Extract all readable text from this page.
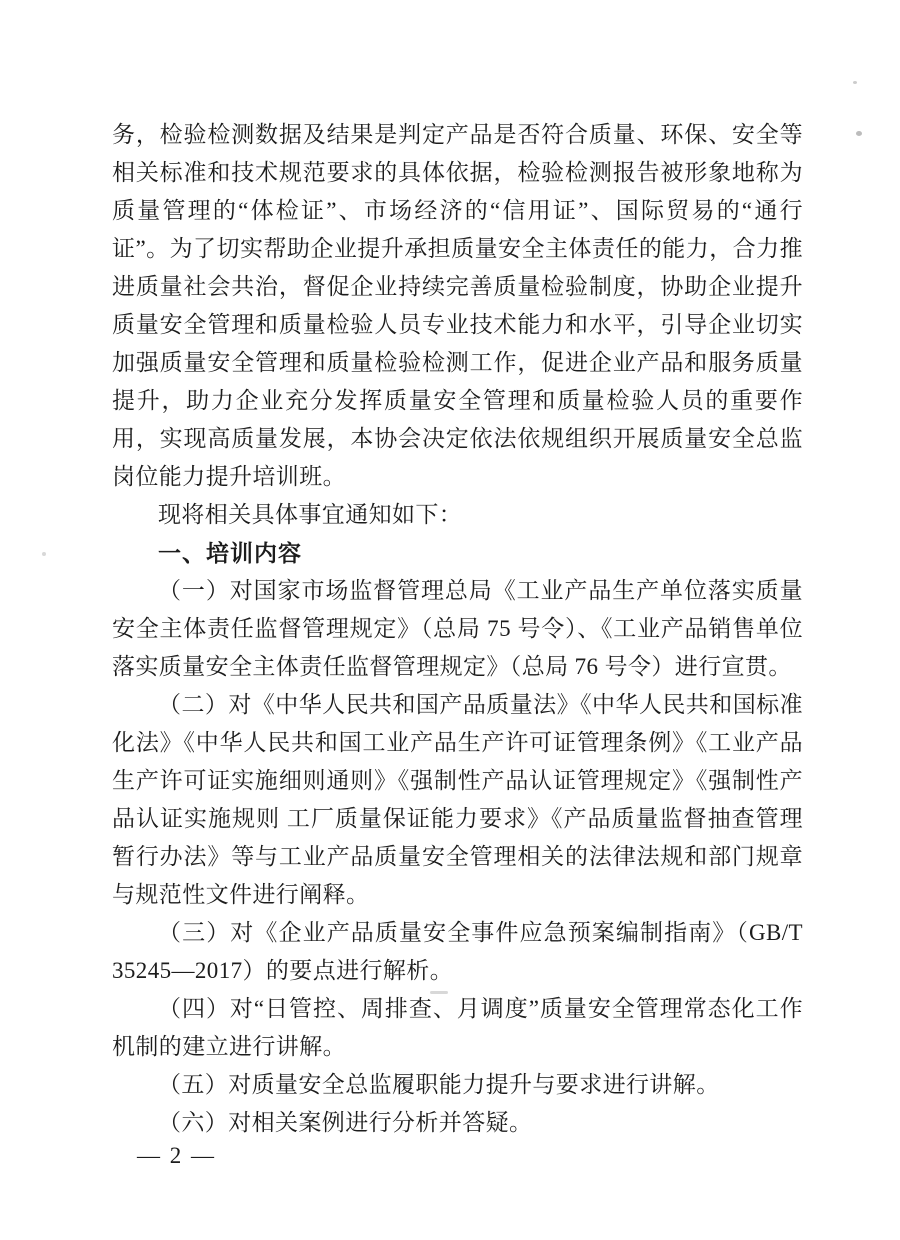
务，检验检测数据及结果是判定产品是否符合质量、环保、安全等相关标准和技术规范要求的具体依据，检验检测报告被形象地称为质量管理的“体检证”、市场经济的“信用证”、国际贸易的“通行证”。为了切实帮助企业提升承担质量安全主体责任的能力，合力推进质量社会共治，督促企业持续完善质量检验制度，协助企业提升质量安全管理和质量检验人员专业技术能力和水平，引导企业切实加强质量安全管理和质量检验检测工作，促进企业产品和服务质量提升，助力企业充分发挥质量安全管理和质量检验人员的重要作用，实现高质量发展，本协会决定依法依规组织开展质量安全总监岗位能力提升培训班。

现将相关具体事宜通知如下：

一、培训内容

（一）对国家市场监督管理总局《工业产品生产单位落实质量安全主体责任监督管理规定》（总局 75 号令）、《工业产品销售单位落实质量安全主体责任监督管理规定》（总局 76 号令）进行宣贯。

（二）对《中华人民共和国产品质量法》《中华人民共和国标准化法》《中华人民共和国工业产品生产许可证管理条例》《工业产品生产许可证实施细则通则》《强制性产品认证管理规定》《强制性产品认证实施规则 工厂质量保证能力要求》《产品质量监督抽查管理暂行办法》等与工业产品质量安全管理相关的法律法规和部门规章与规范性文件进行阐释。

（三）对《企业产品质量安全事件应急预案编制指南》（GB/T 35245—2017）的要点进行解析。

（四）对“日管控、周排查、月调度”质量安全管理常态化工作机制的建立进行讲解。

（五）对质量安全总监履职能力提升与要求进行讲解。

（六）对相关案例进行分析并答疑。

— 2 —
